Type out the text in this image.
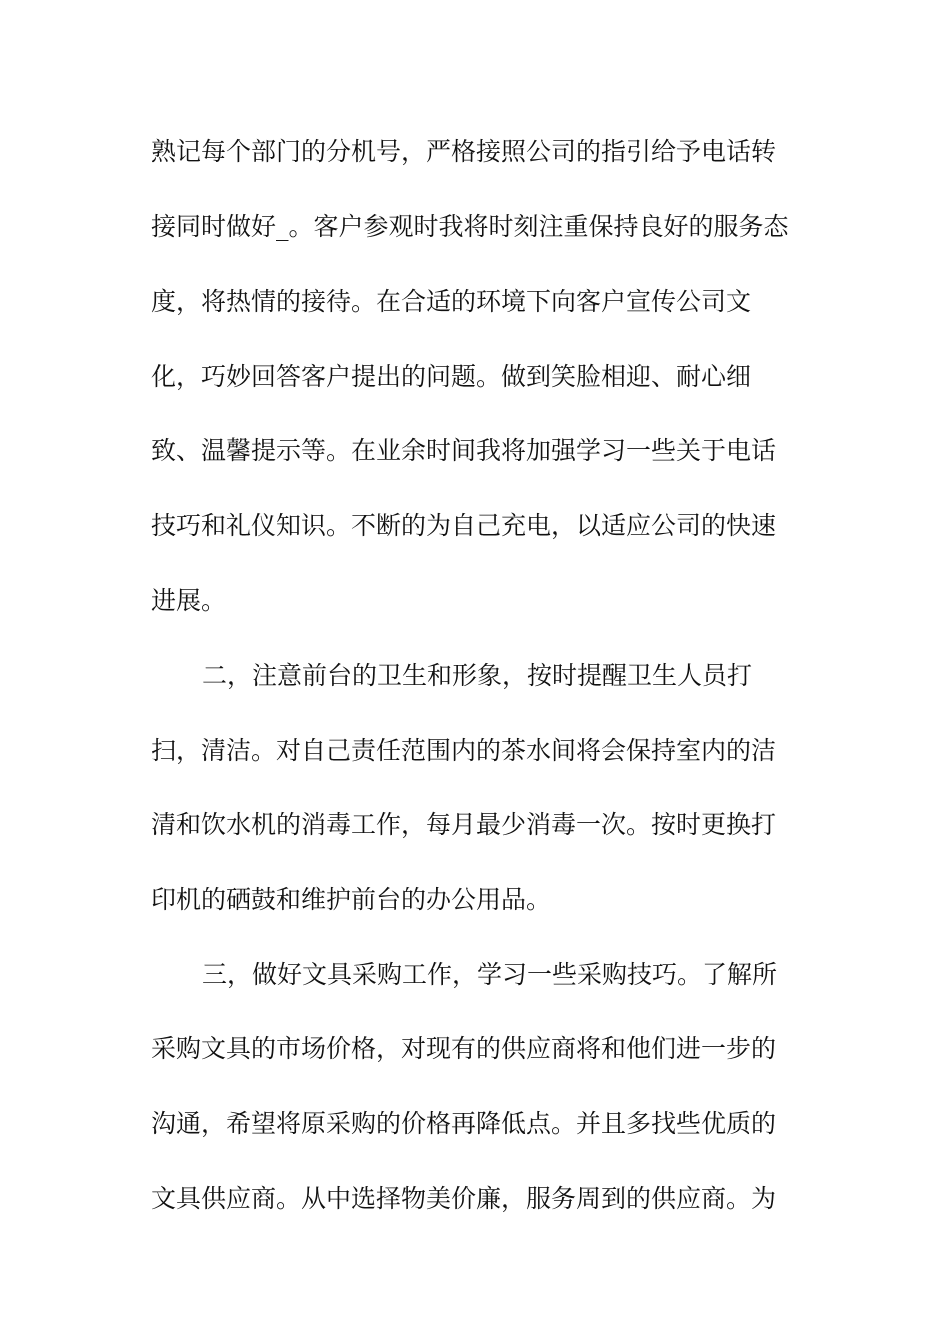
熟记每个部门的分机号，严格接照公司的指引给予电话转

接同时做好_。客户参观时我将时刻注重保持良好的服务态

度，将热情的接待。在合适的环境下向客户宣传公司文

化，巧妙回答客户提出的问题。做到笑脸相迎、耐心细

致、温馨提示等。在业余时间我将加强学习一些关于电话

技巧和礼仪知识。不断的为自己充电，以适应公司的快速

进展。

二，注意前台的卫生和形象，按时提醒卫生人员打

扫，清洁。对自己责任范围内的茶水间将会保持室内的洁

清和饮水机的消毒工作，每月最少消毒一次。按时更换打

印机的硒鼓和维护前台的办公用品。

三，做好文具采购工作，学习一些采购技巧。了解所

采购文具的市场价格，对现有的供应商将和他们进一步的

沟通，希望将原采购的价格再降低点。并且多找些优质的

文具供应商。从中选择物美价廉，服务周到的供应商。为
